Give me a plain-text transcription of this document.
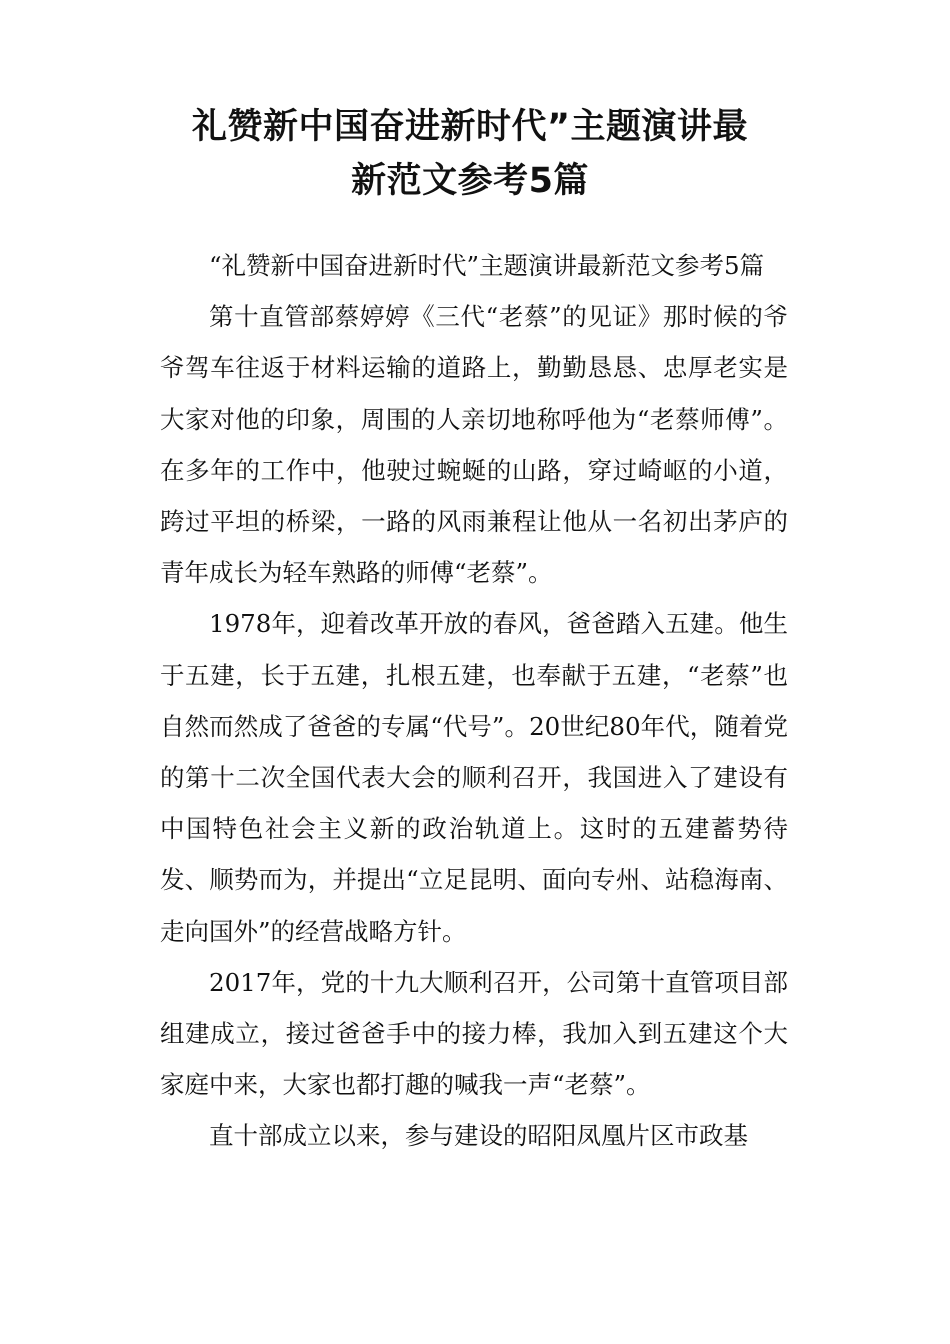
礼赞新中国奋进新时代”主题演讲最
新范文参考5篇

“礼赞新中国奋进新时代”主题演讲最新范文参考5篇

第十直管部蔡婷婷《三代“老蔡”的见证》那时候的爷爷驾车往返于材料运输的道路上，勤勤恳恳、忠厚老实是大家对他的印象，周围的人亲切地称呼他为“老蔡师傅”。在多年的工作中，他驶过蜿蜒的山路，穿过崎岖的小道，跨过平坦的桥梁，一路的风雨兼程让他从一名初出茅庐的青年成长为轻车熟路的师傅“老蔡”。

1978年，迎着改革开放的春风，爸爸踏入五建。他生于五建，长于五建，扎根五建，也奉献于五建，“老蔡”也自然而然成了爸爸的专属“代号”。20世纪80年代，随着党的第十二次全国代表大会的顺利召开，我国进入了建设有中国特色社会主义新的政治轨道上。这时的五建蓄势待发、顺势而为，并提出“立足昆明、面向专州、站稳海南、走向国外”的经营战略方针。

2017年，党的十九大顺利召开，公司第十直管项目部组建成立，接过爸爸手中的接力棒，我加入到五建这个大家庭中来，大家也都打趣的喊我一声“老蔡”。

直十部成立以来，参与建设的昭阳凤凰片区市政基
